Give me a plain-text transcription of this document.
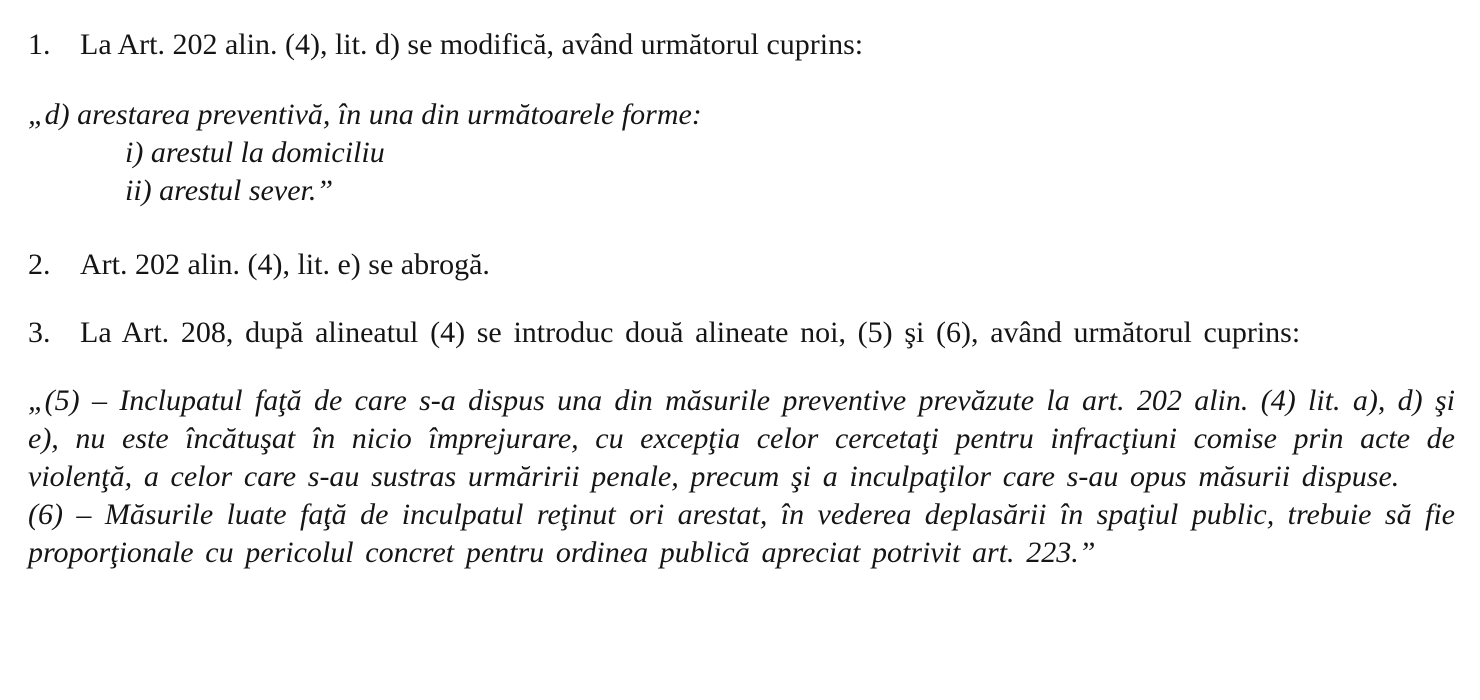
1. La Art. 202 alin. (4), lit. d) se modifică, având următorul cuprins:
„d) arestarea preventivă, în una din următoarele forme:
i) arestul la domiciliu
ii) arestul sever.”
2. Art. 202 alin. (4), lit. e) se abrogă.
3. La Art. 208, după alineatul (4) se introduc două alineate noi, (5) şi (6), având următorul cuprins:

„(5) – Inclupatul faţă de care s-a dispus una din măsurile preventive prevăzute la art. 202 alin. (4) lit. a), d) şi e), nu este încătuşat în nicio împrejurare, cu excepţia celor cercetaţi pentru infracţiuni comise prin acte de violenţă, a celor care s-au sustras urmăririi penale, precum şi a inculpaţilor care s-au opus măsurii dispuse.

(6) – Măsurile luate faţă de inculpatul reţinut ori arestat, în vederea deplasării în spaţiul public, trebuie să fie proporţionale cu pericolul concret pentru ordinea publică apreciat potrivit art. 223.”
